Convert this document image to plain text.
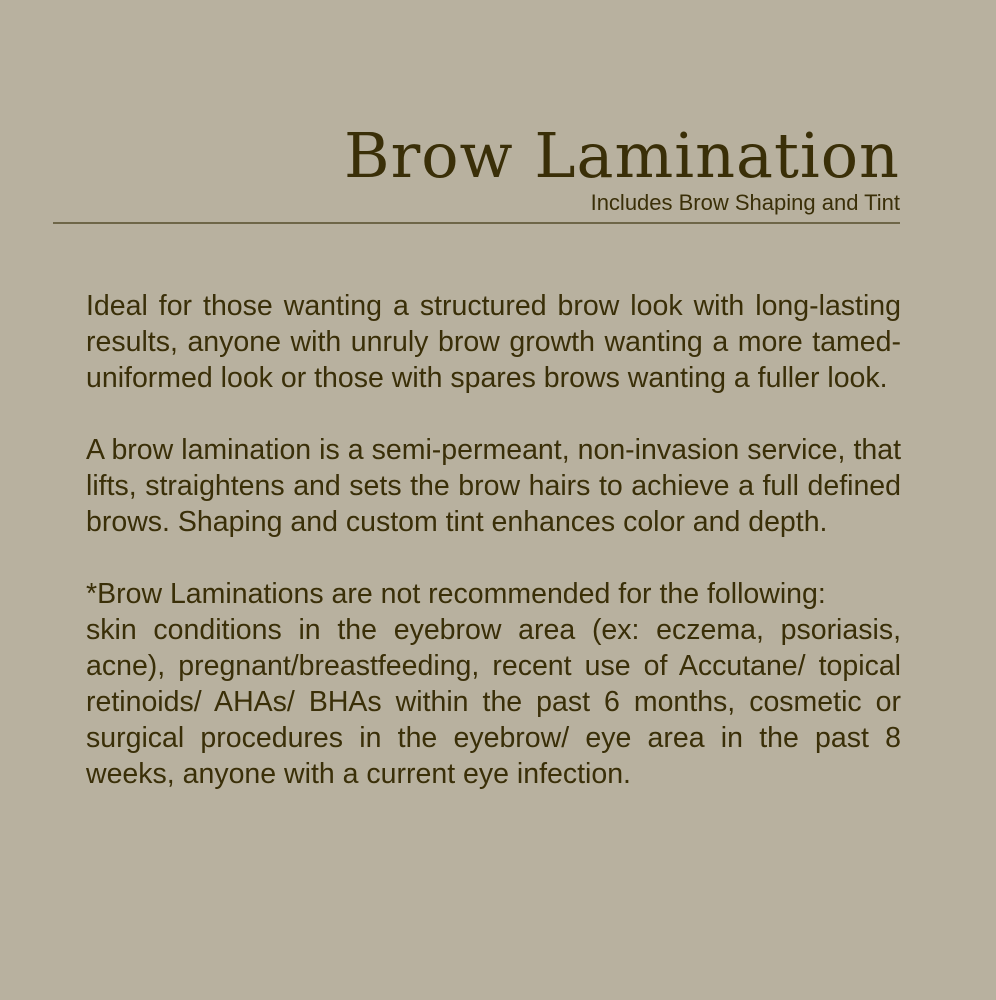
Brow Lamination
Includes Brow Shaping and Tint

Ideal for those wanting a structured brow look with long-lasting results, anyone with unruly brow growth wanting a more tamed-uniformed look or those with spares brows wanting a fuller look.

A brow lamination is a semi-permeant, non-invasion service, that lifts, straightens and sets the brow hairs to achieve a full defined brows. Shaping and custom tint enhances color and depth.

*Brow Laminations are not recommended for the following:

skin conditions in the eyebrow area (ex: eczema, psoriasis, acne), pregnant/breastfeeding, recent use of Accutane/ topical retinoids/ AHAs/ BHAs within the past 6 months, cosmetic or surgical procedures in the eyebrow/ eye area in the past 8 weeks, anyone with a current eye infection.
